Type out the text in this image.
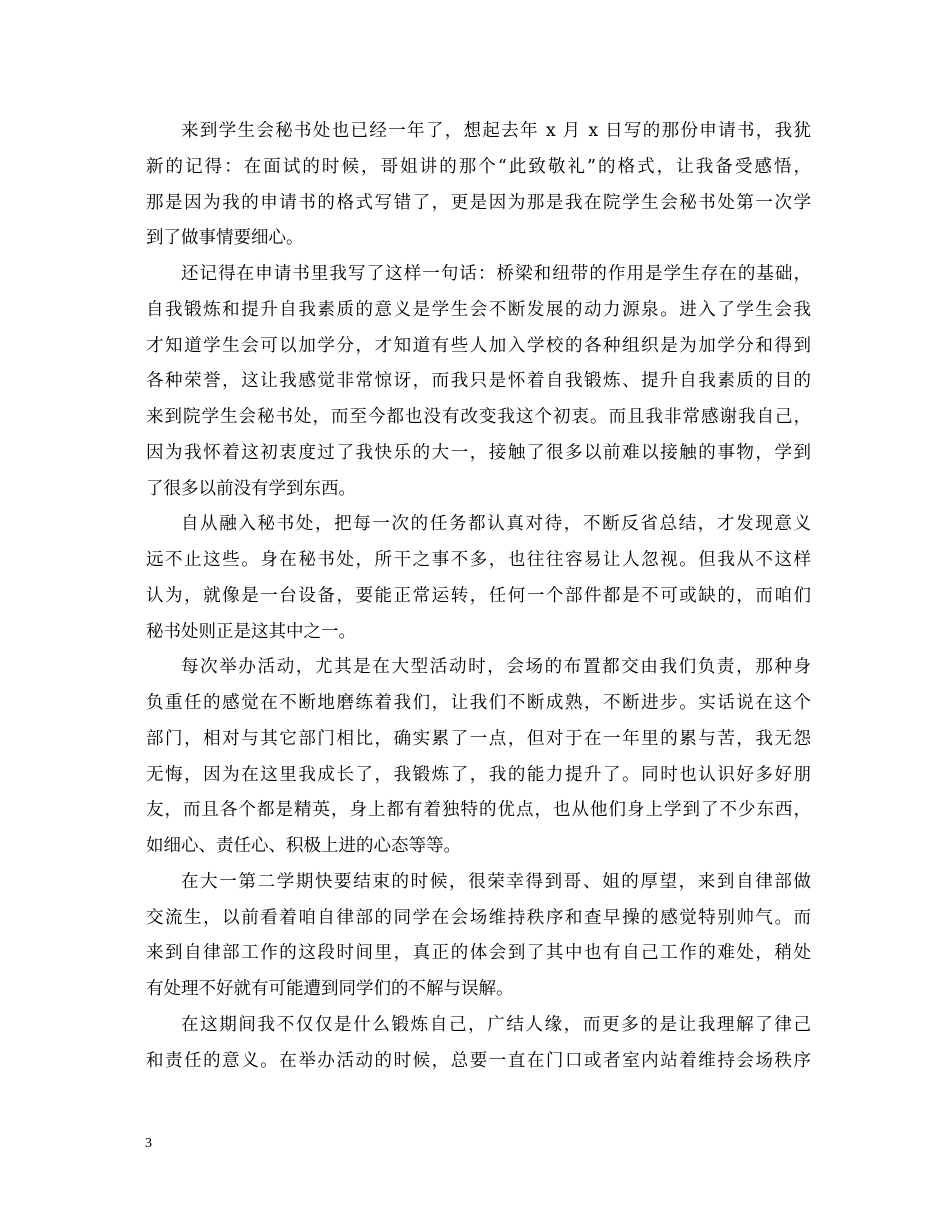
来到学生会秘书处也已经一年了，想起去年 x 月 x 日写的那份申请书，我犹
新的记得：在面试的时候，哥姐讲的那个“此致敬礼”的格式，让我备受感悟，
那是因为我的申请书的格式写错了，更是因为那是我在院学生会秘书处第一次学
到了做事情要细心。
还记得在申请书里我写了这样一句话：桥梁和纽带的作用是学生存在的基础，
自我锻炼和提升自我素质的意义是学生会不断发展的动力源泉。进入了学生会我
才知道学生会可以加学分，才知道有些人加入学校的各种组织是为加学分和得到
各种荣誉，这让我感觉非常惊讶，而我只是怀着自我锻炼、提升自我素质的目的
来到院学生会秘书处，而至今都也没有改变我这个初衷。而且我非常感谢我自己，
因为我怀着这初衷度过了我快乐的大一，接触了很多以前难以接触的事物，学到
了很多以前没有学到东西。
自从融入秘书处，把每一次的任务都认真对待，不断反省总结，才发现意义
远不止这些。身在秘书处，所干之事不多，也往往容易让人忽视。但我从不这样
认为，就像是一台设备，要能正常运转，任何一个部件都是不可或缺的，而咱们
秘书处则正是这其中之一。
每次举办活动，尤其是在大型活动时，会场的布置都交由我们负责，那种身
负重任的感觉在不断地磨练着我们，让我们不断成熟，不断进步。实话说在这个
部门，相对与其它部门相比，确实累了一点，但对于在一年里的累与苦，我无怨
无悔，因为在这里我成长了，我锻炼了，我的能力提升了。同时也认识好多好朋
友，而且各个都是精英，身上都有着独特的优点，也从他们身上学到了不少东西，
如细心、责任心、积极上进的心态等等。
在大一第二学期快要结束的时候，很荣幸得到哥、姐的厚望，来到自律部做
交流生，以前看着咱自律部的同学在会场维持秩序和查早操的感觉特别帅气。而
来到自律部工作的这段时间里，真正的体会到了其中也有自己工作的难处，稍处
有处理不好就有可能遭到同学们的不解与误解。
在这期间我不仅仅是什么锻炼自己，广结人缘，而更多的是让我理解了律己
和责任的意义。在举办活动的时候，总要一直在门口或者室内站着维持会场秩序
3
